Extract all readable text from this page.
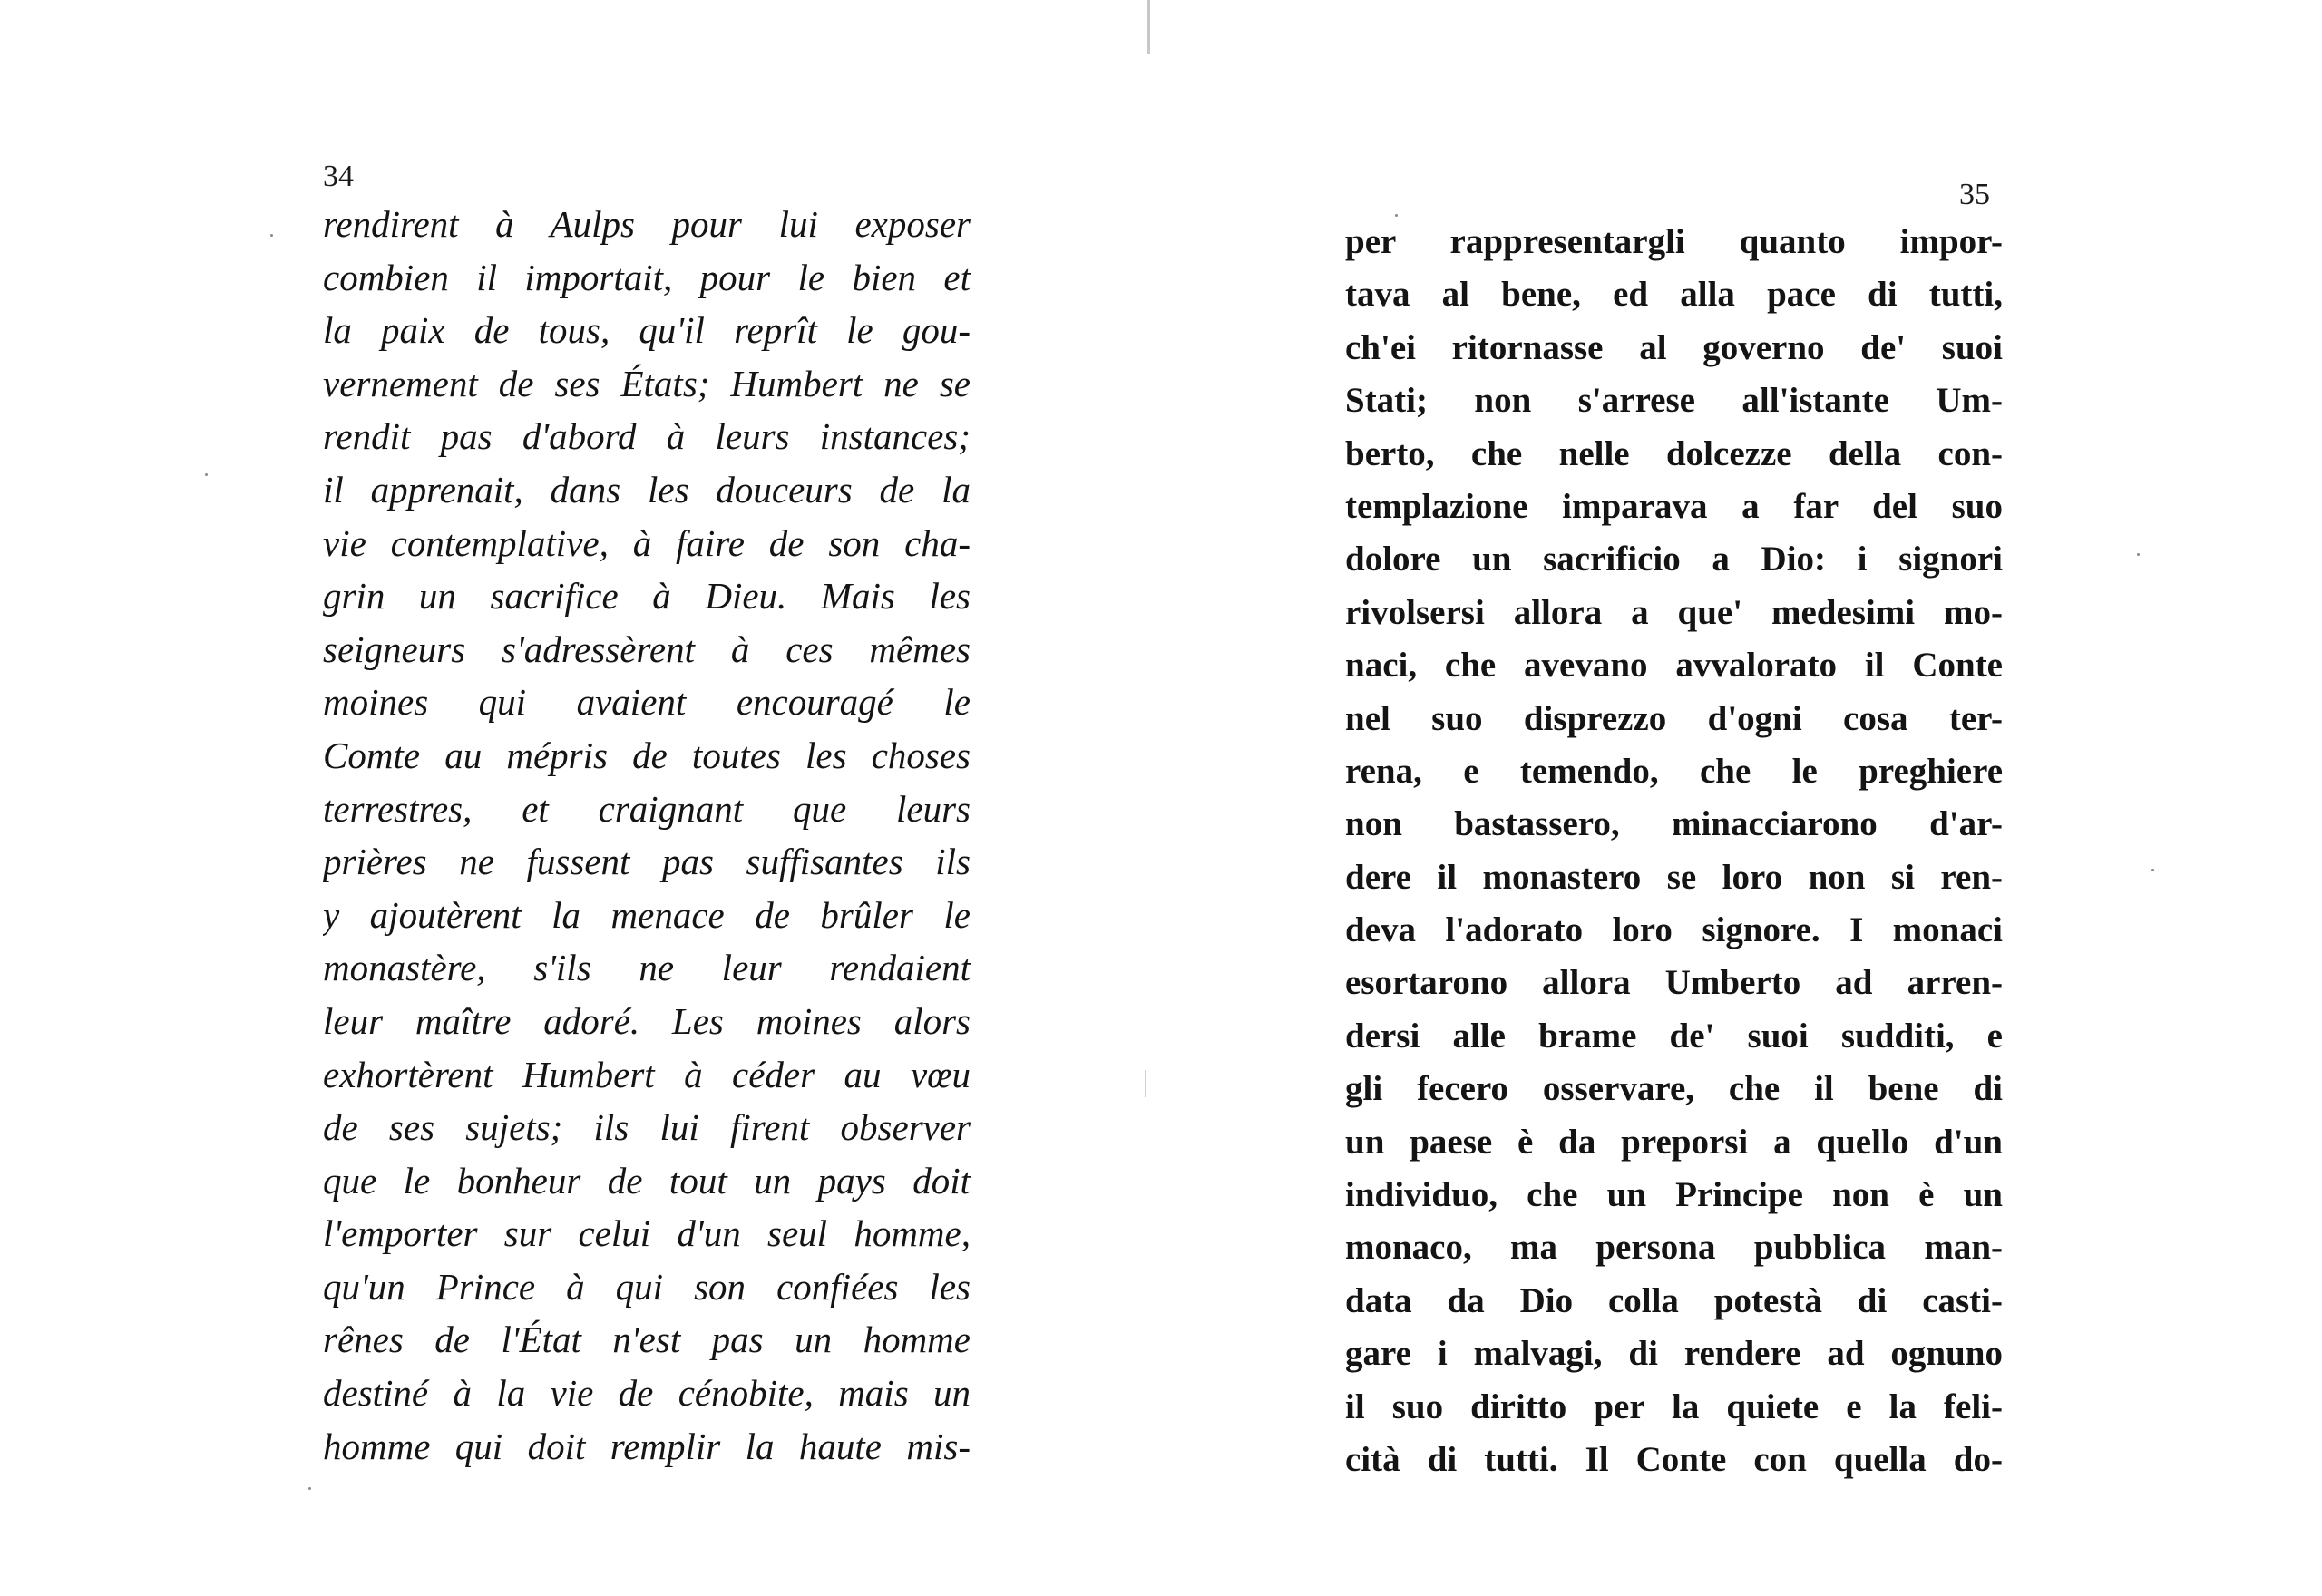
34
rendirent à Aulps pour lui exposer
combien il importait, pour le bien et
la paix de tous, qu'il reprît le gou-
vernement de ses États; Humbert ne se
rendit pas d'abord à leurs instances;
il apprenait, dans les douceurs de la
vie contemplative, à faire de son cha-
grin un sacrifice à Dieu. Mais les
seigneurs s'adressèrent à ces mêmes
moines qui avaient encouragé le
Comte au mépris de toutes les choses
terrestres, et craignant que leurs
prières ne fussent pas suffisantes ils
y ajoutèrent la menace de brûler le
monastère, s'ils ne leur rendaient
leur maître adoré. Les moines alors
exhortèrent Humbert à céder au vœu
de ses sujets; ils lui firent observer
que le bonheur de tout un pays doit
l'emporter sur celui d'un seul homme,
qu'un Prince à qui son confiées les
rênes de l'État n'est pas un homme
destiné à la vie de cénobite, mais un
homme qui doit remplir la haute mis-
35
per rappresentargli quanto impor-
tava al bene, ed alla pace di tutti,
ch'ei ritornasse al governo de' suoi
Stati; non s'arrese all'istante Um-
berto, che nelle dolcezze della con-
templazione imparava a far del suo
dolore un sacrificio a Dio: i signori
rivolsersi allora a que' medesimi mo-
naci, che avevano avvalorato il Conte
nel suo disprezzo d'ogni cosa ter-
rena, e temendo, che le preghiere
non bastassero, minacciarono d'ar-
dere il monastero se loro non si ren-
deva l'adorato loro signore. I monaci
esortarono allora Umberto ad arren-
dersi alle brame de' suoi sudditi, e
gli fecero osservare, che il bene di
un paese è da preporsi a quello d'un
individuo, che un Principe non è un
monaco, ma persona pubblica man-
data da Dio colla potestà di casti-
gare i malvagi, di rendere ad ognuno
il suo diritto per la quiete e la feli-
cità di tutti. Il Conte con quella do-
